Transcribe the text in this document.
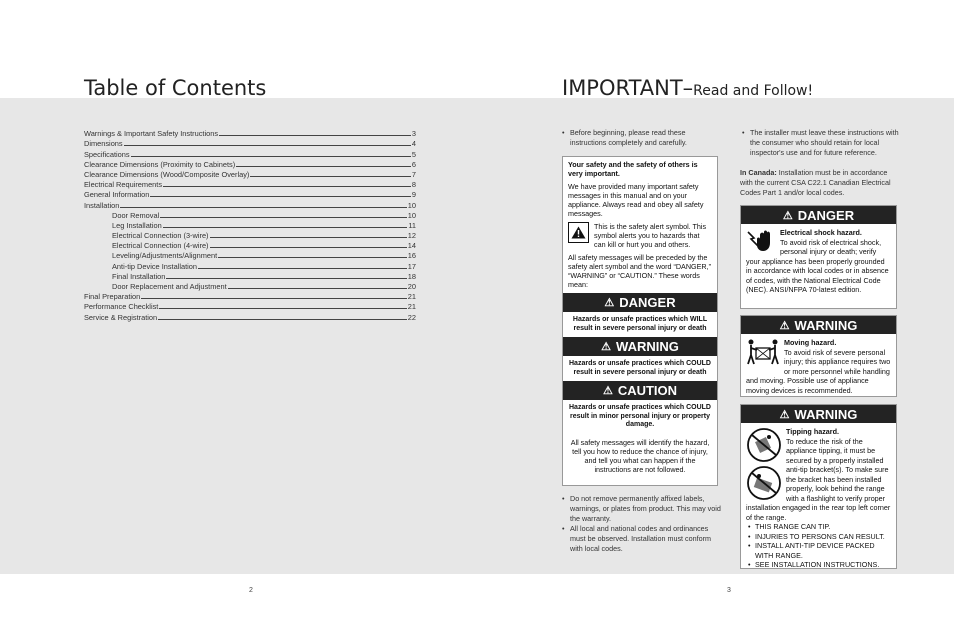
Table of Contents
Warnings & Important Safety Instructions	3
Dimensions	4
Specifications	5
Clearance Dimensions (Proximity to Cabinets)	6
Clearance Dimensions (Wood/Composite Overlay)	7
Electrical Requirements	8
General Information	9
Installation	10
Door Removal	10
Leg Installation	11
Electrical Connection (3-wire)	12
Electrical Connection (4-wire)	14
Leveling/Adjustments/Alignment	16
Anti-tip Device Installation	17
Final Installation	18
Door Replacement and Adjustment	20
Final Preparation	21
Performance Checklist	21
Service & Registration	22
2
IMPORTANT–Read and Follow!
• Before beginning, please read these instructions completely and carefully.
• The installer must leave these instructions with the consumer who should retain for local inspector's use and for future reference.

Your safety and the safety of others is very important.

We have provided many important safety messages in this manual and on your appliance. Always read and obey all safety messages.

This is the safety alert symbol. This symbol alerts you to hazards that can kill or hurt you and others.

All safety messages will be preceded by the safety alert symbol and the word “DANGER,” “WARNING” or “CAUTION.” These words mean:

⚠ DANGER

Hazards or unsafe practices which WILL result in severe personal injury or death

⚠ WARNING

Hazards or unsafe practices which COULD result in severe personal injury or death

⚠ CAUTION

Hazards or unsafe practices which COULD result in minor personal injury or property damage.

All safety messages will identify the hazard, tell you how to reduce the chance of injury, and tell you what can happen if the instructions are not followed.

• Do not remove permanently affixed labels, warnings, or plates from product. This may void the warranty.
• All local and national codes and ordinances must be observed. Installation must conform with local codes.
In Canada: Installation must be in accordance with the current CSA C22.1 Canadian Electrical Codes Part 1 and/or local codes.
⚠ DANGER
Electrical shock hazard.
To avoid risk of electrical shock, personal injury or death; verify your appliance has been properly grounded in accordance with local codes or in absence of codes, with the National Electrical Code (NEC). ANSI/NFPA 70-latest edition.
⚠ WARNING
Moving hazard.
To avoid risk of severe personal injury; this appliance requires two or more personnel while handling and moving. Possible use of appliance moving devices is recommended.
⚠ WARNING
Tipping hazard.
To reduce the risk of the appliance tipping, it must be secured by a properly installed anti-tip bracket(s). To make sure the bracket has been installed properly, look behind the range with a flashlight to verify proper installation engaged in the rear top left corner of the range.
• THIS RANGE CAN TIP.
• INJURIES TO PERSONS CAN RESULT.
• INSTALL ANTI-TIP DEVICE PACKED WITH RANGE.
• SEE INSTALLATION INSTRUCTIONS.
3
